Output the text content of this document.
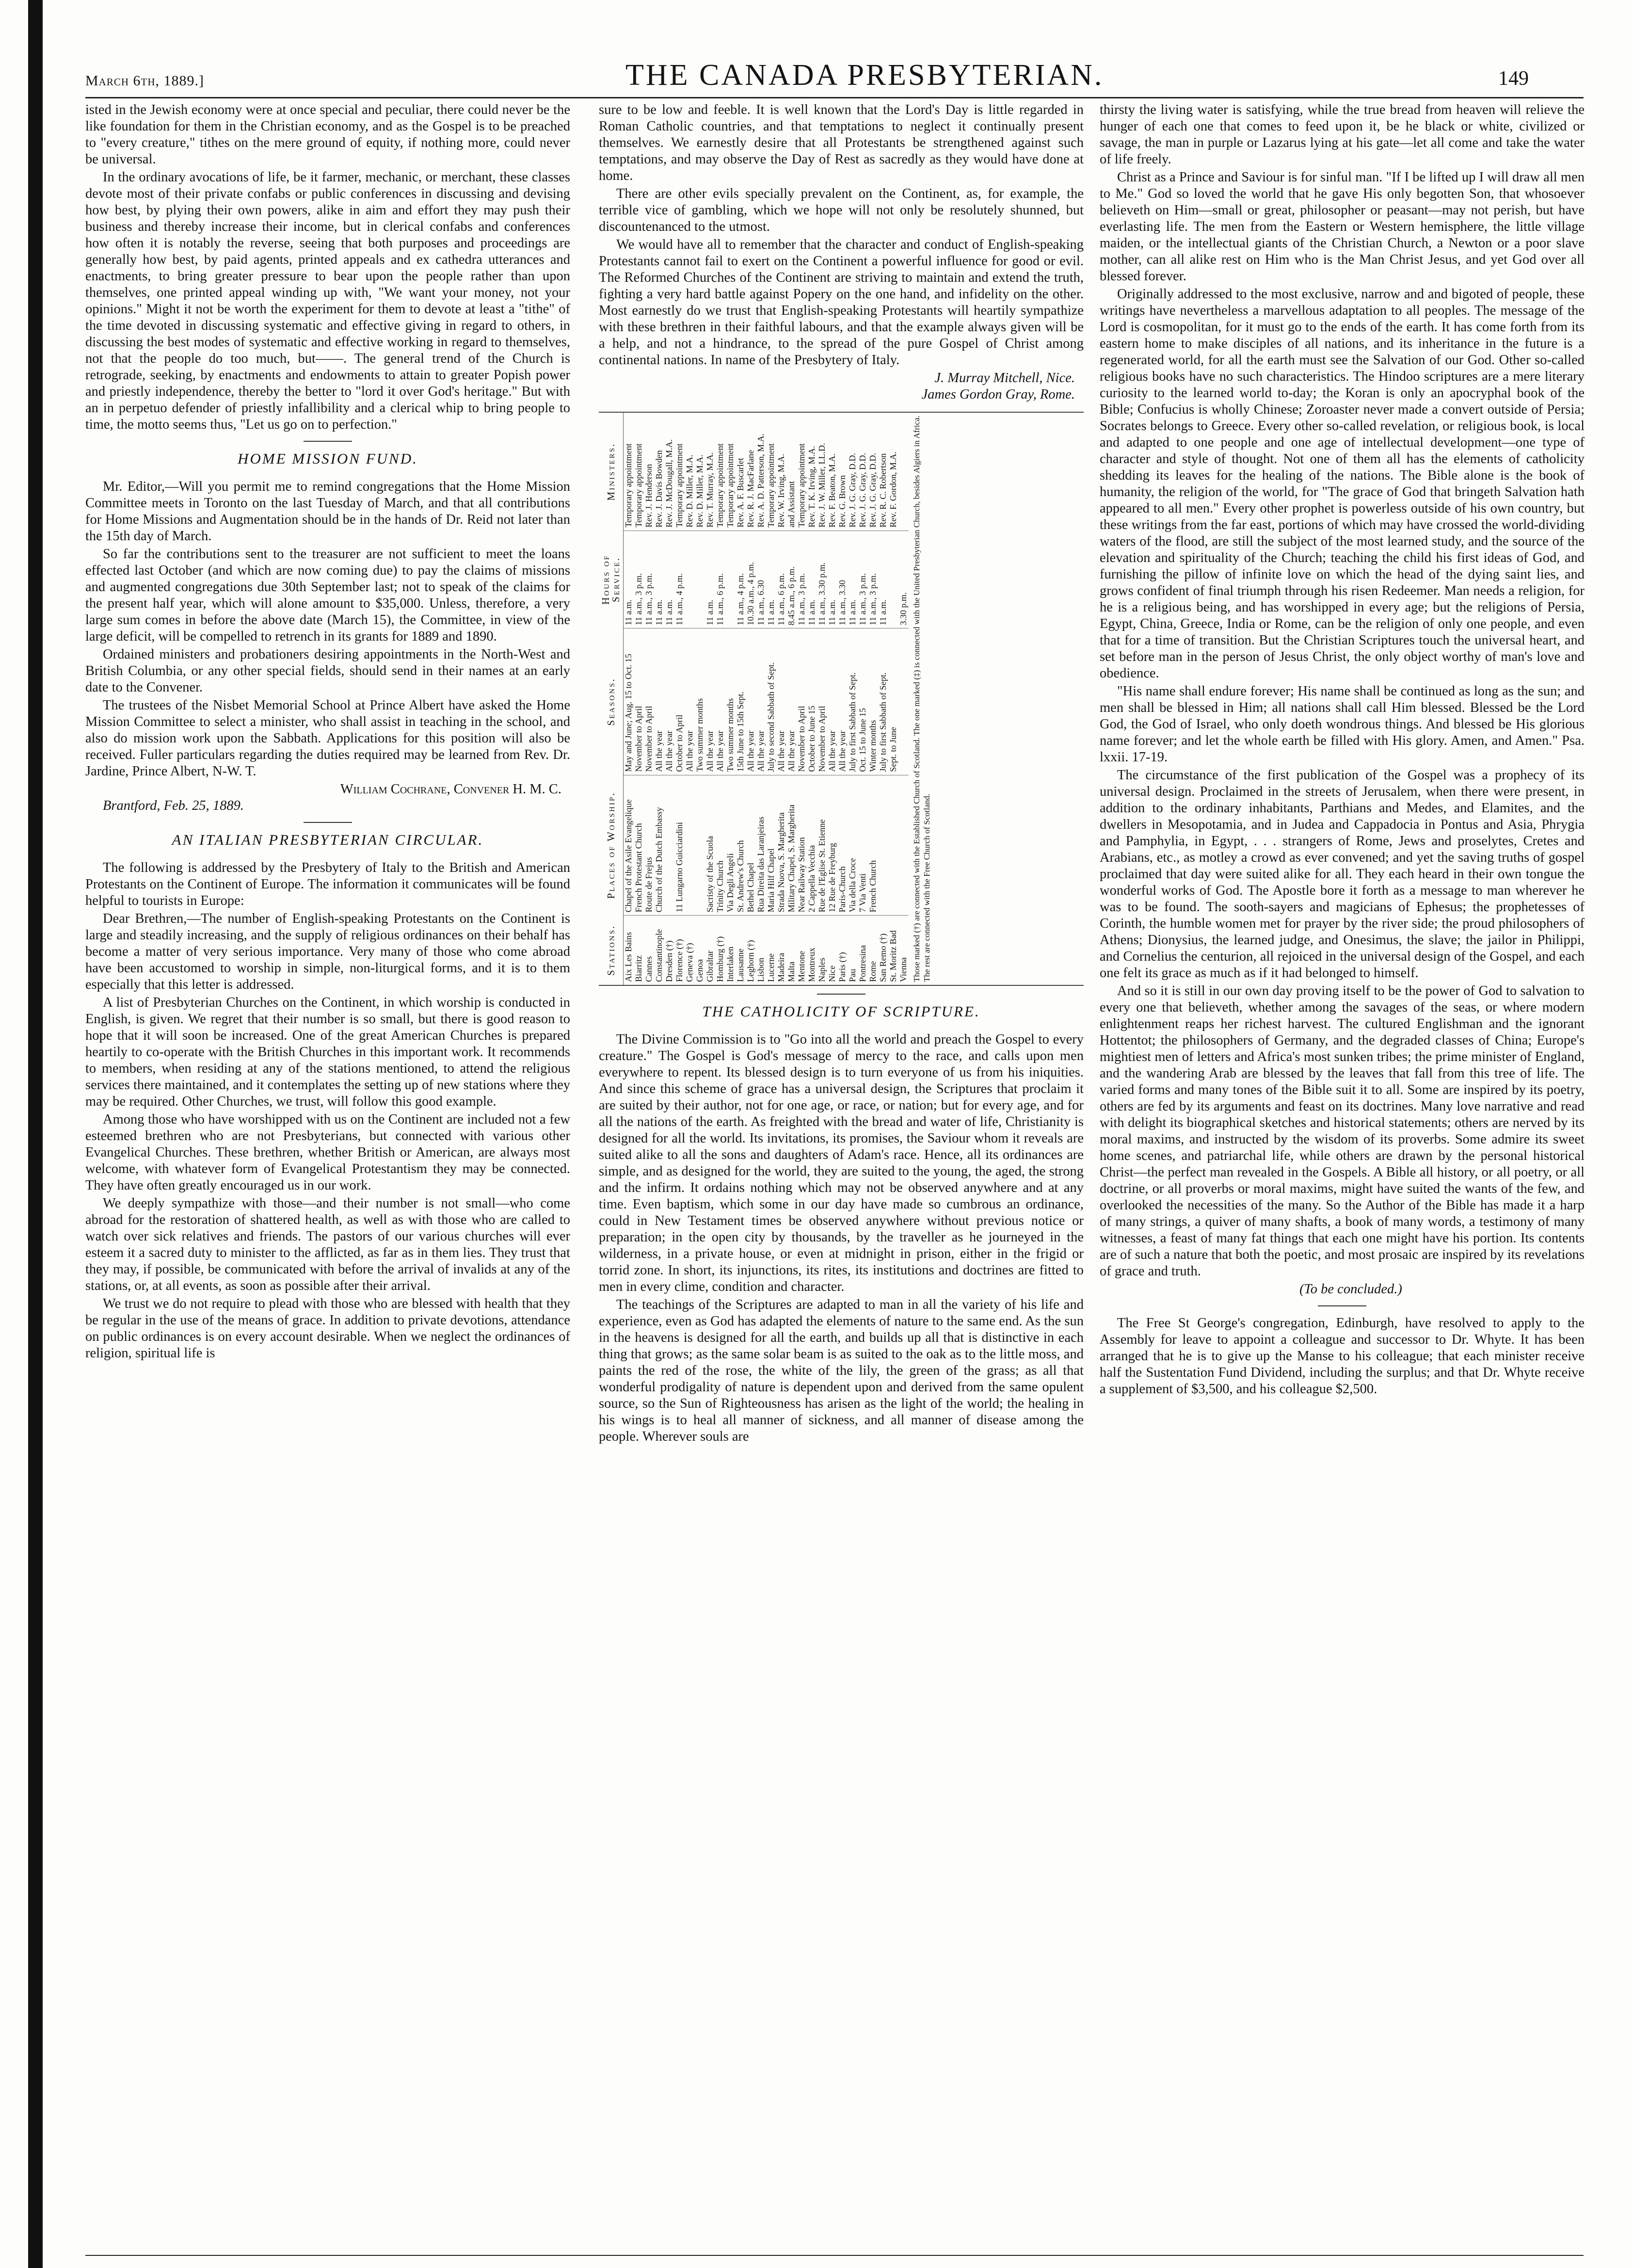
March 6th, 1889.]	THE CANADA PRESBYTERIAN.	149

isted in the Jewish economy were at once special and peculiar, there could never be the like foundation for them in the Christian economy, and as the Gospel is to be preached to "every creature," tithes on the mere ground of equity, if nothing more, could never be universal.

In the ordinary avocations of life, be it farmer, mechanic, or merchant, these classes devote most of their private confabs or public conferences in discussing and devising how best, by plying their own powers, alike in aim and effort they may push their business and thereby increase their income, but in clerical confabs and conferences how often it is notably the reverse, seeing that both purposes and proceedings are generally how best, by paid agents, printed appeals and ex cathedra utterances and enactments, to bring greater pressure to bear upon the people rather than upon themselves, one printed appeal winding up with, "We want your money, not your opinions." Might it not be worth the experiment for them to devote at least a "tithe" of the time devoted in discussing systematic and effective giving in regard to others, in discussing the best modes of systematic and effective working in regard to themselves, not that the people do too much, but——. The general trend of the Church is retrograde, seeking, by enactments and endowments to attain to greater Popish power and priestly independence, thereby the better to "lord it over God's heritage." But with an in perpetuo defender of priestly infallibility and a clerical whip to bring people to time, the motto seems thus, "Let us go on to perfection."

HOME MISSION FUND.

Mr. Editor,—Will you permit me to remind congregations that the Home Mission Committee meets in Toronto on the last Tuesday of March, and that all contributions for Home Missions and Augmentation should be in the hands of Dr. Reid not later than the 15th day of March.

So far the contributions sent to the treasurer are not sufficient to meet the loans effected last October (and which are now coming due) to pay the claims of missions and augmented congregations due 30th September last; not to speak of the claims for the present half year, which will alone amount to $35,000. Unless, therefore, a very large sum comes in before the above date (March 15), the Committee, in view of the large deficit, will be compelled to retrench in its grants for 1889 and 1890.

Ordained ministers and probationers desiring appointments in the North-West and British Columbia, or any other special fields, should send in their names at an early date to the Convener.

The trustees of the Nisbet Memorial School at Prince Albert have asked the Home Mission Committee to select a minister, who shall assist in teaching in the school, and also do mission work upon the Sabbath. Applications for this position will also be received. Fuller particulars regarding the duties required may be learned from Rev. Dr. Jardine, Prince Albert, N-W. T.

William Cochrane, Convener H. M. C.

Brantford, Feb. 25, 1889.

AN ITALIAN PRESBYTERIAN CIRCULAR.

The following is addressed by the Presbytery of Italy to the British and American Protestants on the Continent of Europe. The information it communicates will be found helpful to tourists in Europe:

Dear Brethren,—The number of English-speaking Protestants on the Continent is large and steadily increasing, and the supply of religious ordinances on their behalf has become a matter of very serious importance. Very many of those who come abroad have been accustomed to worship in simple, non-liturgical forms, and it is to them especially that this letter is addressed.

A list of Presbyterian Churches on the Continent, in which worship is conducted in English, is given. We regret that their number is so small, but there is good reason to hope that it will soon be increased. One of the great American Churches is prepared heartily to co-operate with the British Churches in this important work. It recommends to members, when residing at any of the stations mentioned, to attend the religious services there maintained, and it contemplates the setting up of new stations where they may be required. Other Churches, we trust, will follow this good example.

Among those who have worshipped with us on the Continent are included not a few esteemed brethren who are not Presbyterians, but connected with various other Evangelical Churches. These brethren, whether British or American, are always most welcome, with whatever form of Evangelical Protestantism they may be connected. They have often greatly encouraged us in our work.

We deeply sympathize with those—and their number is not small—who come abroad for the restoration of shattered health, as well as with those who are called to watch over sick relatives and friends. The pastors of our various churches will ever esteem it a sacred duty to minister to the afflicted, as far as in them lies. They trust that they may, if possible, be communicated with before the arrival of invalids at any of the stations, or, at all events, as soon as possible after their arrival.

We trust we do not require to plead with those who are blessed with health that they be regular in the use of the means of grace. In addition to private devotions, attendance on public ordinances is on every account desirable. When we neglect the ordinances of religion, spiritual life is

sure to be low and feeble. It is well known that the Lord's Day is little regarded in Roman Catholic countries, and that temptations to neglect it continually present themselves. We earnestly desire that all Protestants be strengthened against such temptations, and may observe the Day of Rest as sacredly as they would have done at home.

There are other evils specially prevalent on the Continent, as, for example, the terrible vice of gambling, which we hope will not only be resolutely shunned, but discountenanced to the utmost.

We would have all to remember that the character and conduct of English-speaking Protestants cannot fail to exert on the Continent a powerful influence for good or evil. The Reformed Churches of the Continent are striving to maintain and extend the truth, fighting a very hard battle against Popery on the one hand, and infidelity on the other. Most earnestly do we trust that English-speaking Protestants will heartily sympathize with these brethren in their faithful labours, and that the example always given will be a help, and not a hindrance, to the spread of the pure Gospel of Christ among continental nations. In name of the Presbytery of Italy.

J. Murray Mitchell, Nice.
James Gordon Gray, Rome.
Stations.	Places of Worship.	Seasons.	Hours of Service.	Ministers.
Aix Les Bains	Chapel of the Asile Evangelique	May and June; Aug. 15 to Oct. 15	11 a.m.	Temporary appointment
Biarritz	French Protestant Church	November to April	11 a.m., 3 p.m.	Temporary appointment
Cannes	Route de Frejus	November to April	11 a.m., 3 p.m.	Rev. J. Henderson
Constantinople	Church of the Dutch Embassy	All the year	11 a.m.	Rev. J. Davis Bowden
Dresden (†)		All the year	11 a.m.	Rev. J. McDougall, M.A.
Florence (†)	11 Lungarno Guicciardini	October to April	11 a.m., 4 p.m.	Temporary appointment
Geneva (†)		All the year		Rev. D. Miller, M.A.
Genoa		Two summer months		Rev. D. Miller, M.A.
Gibraltar	Sacristy of the Scuola	All the year	11 a.m.	Rev. T. Murray, M.A.
Homburg (†)	Trinity Church	All the year	11 a.m., 6 p.m.	Temporary appointment
Interlaken	Via Degli Angeli	Two summer months		Temporary appointment
Lausanne	St. Andrew's Church	15th June to 15th Sept.	11 a.m., 4 p.m.	Rev. A. F. Buscarlet
Leghorn (†)	Bethel Chapel	All the year	10.30 a.m., 4 p.m.	Rev. R. J. MacFarlane
Lisbon	Rua Direita das Laranjeiras	All the year	11 a.m., 6.30	Rev. A. D. Patterson, M.A.
Lucerne	Maria Hilf Chapel	July to second Sabbath of Sept.	11 a.m.	Temporary appointment
Madeira	Strada Nuova, S. Margherita	All the year	11 a.m., 6 p.m.	Rev. W. Irving, M.A.
Malta	Military Chapel, S. Margherita	All the year	8.45 a.m., 6 p.m.	and Assistant
Mentone	Near Railway Station	November to April	11 a.m., 3 p.m.	Temporary appointment
Montreux	2 Cappella Vecchia	October to June 15	11 a.m.	Rev. T. K. Irving, M.A.
Naples	Rue de l'Eglise St. Etienne	November to April	11 a.m., 3.30 p.m.	Rev. J. W. Miller, LL.D.
Nice	12 Rue de Freyburg	All the year	11 a.m.	Rev. F. Beaton, M.A.
Paris (†)	Paris-Church	All the year	11 a.m., 3.30	Rev. G. Brown
Pau	Via della Croce	July to first Sabbath of Sept.	11 a.m.	Rev. J. G. Gray, D.D.
Pontresina	7 Via Venti	Oct. 15 to June 15	11 a.m., 3 p.m.	Rev. J. G. Gray, D.D.
Rome	French Church	Winter months	11 a.m., 3 p.m.	Rev. J. G. Gray, D.D.
San Remo (†)		July to first Sabbath of Sept.	11 a.m.	Rev. R. C. Robertson
St. Moritz Bad		Sept. to June		Rev. F. Gordon, M.A.
Vienna			3.30 p.m.	
Those marked (†) are connected with the Established Church of Scotland. The one marked (‡) is connected with the United Presbyterian Church, besides Algiers in Africa. The rest are connected with the Free Church of Scotland.				
THE CATHOLICITY OF SCRIPTURE.

The Divine Commission is to "Go into all the world and preach the Gospel to every creature." The Gospel is God's message of mercy to the race, and calls upon men everywhere to repent. Its blessed design is to turn everyone of us from his iniquities. And since this scheme of grace has a universal design, the Scriptures that proclaim it are suited by their author, not for one age, or race, or nation; but for every age, and for all the nations of the earth. As freighted with the bread and water of life, Christianity is designed for all the world. Its invitations, its promises, the Saviour whom it reveals are suited alike to all the sons and daughters of Adam's race. Hence, all its ordinances are simple, and as designed for the world, they are suited to the young, the aged, the strong and the infirm. It ordains nothing which may not be observed anywhere and at any time. Even baptism, which some in our day have made so cumbrous an ordinance, could in New Testament times be observed anywhere without previous notice or preparation; in the open city by thousands, by the traveller as he journeyed in the wilderness, in a private house, or even at midnight in prison, either in the frigid or torrid zone. In short, its injunctions, its rites, its institutions and doctrines are fitted to men in every clime, condition and character.

The teachings of the Scriptures are adapted to man in all the variety of his life and experience, even as God has adapted the elements of nature to the same end. As the sun in the heavens is designed for all the earth, and builds up all that is distinctive in each thing that grows; as the same solar beam is as suited to the oak as to the little moss, and paints the red of the rose, the white of the lily, the green of the grass; as all that wonderful prodigality of nature is dependent upon and derived from the same opulent source, so the Sun of Righteousness has arisen as the light of the world; the healing in his wings is to heal all manner of sickness, and all manner of disease among the people. Wherever souls are

thirsty the living water is satisfying, while the true bread from heaven will relieve the hunger of each one that comes to feed upon it, be he black or white, civilized or savage, the man in purple or Lazarus lying at his gate—let all come and take the water of life freely.

Christ as a Prince and Saviour is for sinful man. "If I be lifted up I will draw all men to Me." God so loved the world that he gave His only begotten Son, that whosoever believeth on Him—small or great, philosopher or peasant—may not perish, but have everlasting life. The men from the Eastern or Western hemisphere, the little village maiden, or the intellectual giants of the Christian Church, a Newton or a poor slave mother, can all alike rest on Him who is the Man Christ Jesus, and yet God over all blessed forever.

Originally addressed to the most exclusive, narrow and and bigoted of people, these writings have nevertheless a marvellous adaptation to all peoples. The message of the Lord is cosmopolitan, for it must go to the ends of the earth. It has come forth from its eastern home to make disciples of all nations, and its inheritance in the future is a regenerated world, for all the earth must see the Salvation of our God. Other so-called religious books have no such characteristics. The Hindoo scriptures are a mere literary curiosity to the learned world to-day; the Koran is only an apocryphal book of the Bible; Confucius is wholly Chinese; Zoroaster never made a convert outside of Persia; Socrates belongs to Greece. Every other so-called revelation, or religious book, is local and adapted to one people and one age of intellectual development—one type of character and style of thought. Not one of them all has the elements of catholicity shedding its leaves for the healing of the nations. The Bible alone is the book of humanity, the religion of the world, for "The grace of God that bringeth Salvation hath appeared to all men." Every other prophet is powerless outside of his own country, but these writings from the far east, portions of which may have crossed the world-dividing waters of the flood, are still the subject of the most learned study, and the source of the elevation and spirituality of the Church; teaching the child his first ideas of God, and furnishing the pillow of infinite love on which the head of the dying saint lies, and grows confident of final triumph through his risen Redeemer. Man needs a religion, for he is a religious being, and has worshipped in every age; but the religions of Persia, Egypt, China, Greece, India or Rome, can be the religion of only one people, and even that for a time of transition. But the Christian Scriptures touch the universal heart, and set before man in the person of Jesus Christ, the only object worthy of man's love and obedience.

"His name shall endure forever; His name shall be continued as long as the sun; and men shall be blessed in Him; all nations shall call Him blessed. Blessed be the Lord God, the God of Israel, who only doeth wondrous things. And blessed be His glorious name forever; and let the whole earth be filled with His glory. Amen, and Amen." Psa. lxxii. 17-19.

The circumstance of the first publication of the Gospel was a prophecy of its universal design. Proclaimed in the streets of Jerusalem, when there were present, in addition to the ordinary inhabitants, Parthians and Medes, and Elamites, and the dwellers in Mesopotamia, and in Judea and Cappadocia in Pontus and Asia, Phrygia and Pamphylia, in Egypt, . . . strangers of Rome, Jews and proselytes, Cretes and Arabians, etc., as motley a crowd as ever convened; and yet the saving truths of gospel proclaimed that day were suited alike for all. They each heard in their own tongue the wonderful works of God. The Apostle bore it forth as a message to man wherever he was to be found. The sooth-sayers and magicians of Ephesus; the prophetesses of Corinth, the humble women met for prayer by the river side; the proud philosophers of Athens; Dionysius, the learned judge, and Onesimus, the slave; the jailor in Philippi, and Cornelius the centurion, all rejoiced in the universal design of the Gospel, and each one felt its grace as much as if it had belonged to himself.

And so it is still in our own day proving itself to be the power of God to salvation to every one that believeth, whether among the savages of the seas, or where modern enlightenment reaps her richest harvest. The cultured Englishman and the ignorant Hottentot; the philosophers of Germany, and the degraded classes of China; Europe's mightiest men of letters and Africa's most sunken tribes; the prime minister of England, and the wandering Arab are blessed by the leaves that fall from this tree of life. The varied forms and many tones of the Bible suit it to all. Some are inspired by its poetry, others are fed by its arguments and feast on its doctrines. Many love narrative and read with delight its biographical sketches and historical statements; others are nerved by its moral maxims, and instructed by the wisdom of its proverbs. Some admire its sweet home scenes, and patriarchal life, while others are drawn by the personal historical Christ—the perfect man revealed in the Gospels. A Bible all history, or all poetry, or all doctrine, or all proverbs or moral maxims, might have suited the wants of the few, and overlooked the necessities of the many. So the Author of the Bible has made it a harp of many strings, a quiver of many shafts, a book of many words, a testimony of many witnesses, a feast of many fat things that each one might have his portion. Its contents are of such a nature that both the poetic, and most prosaic are inspired by its revelations of grace and truth.

(To be concluded.)

The Free St George's congregation, Edinburgh, have resolved to apply to the Assembly for leave to appoint a colleague and successor to Dr. Whyte. It has been arranged that he is to give up the Manse to his colleague; that each minister receive half the Sustentation Fund Dividend, including the surplus; and that Dr. Whyte receive a supplement of $3,500, and his colleague $2,500.
